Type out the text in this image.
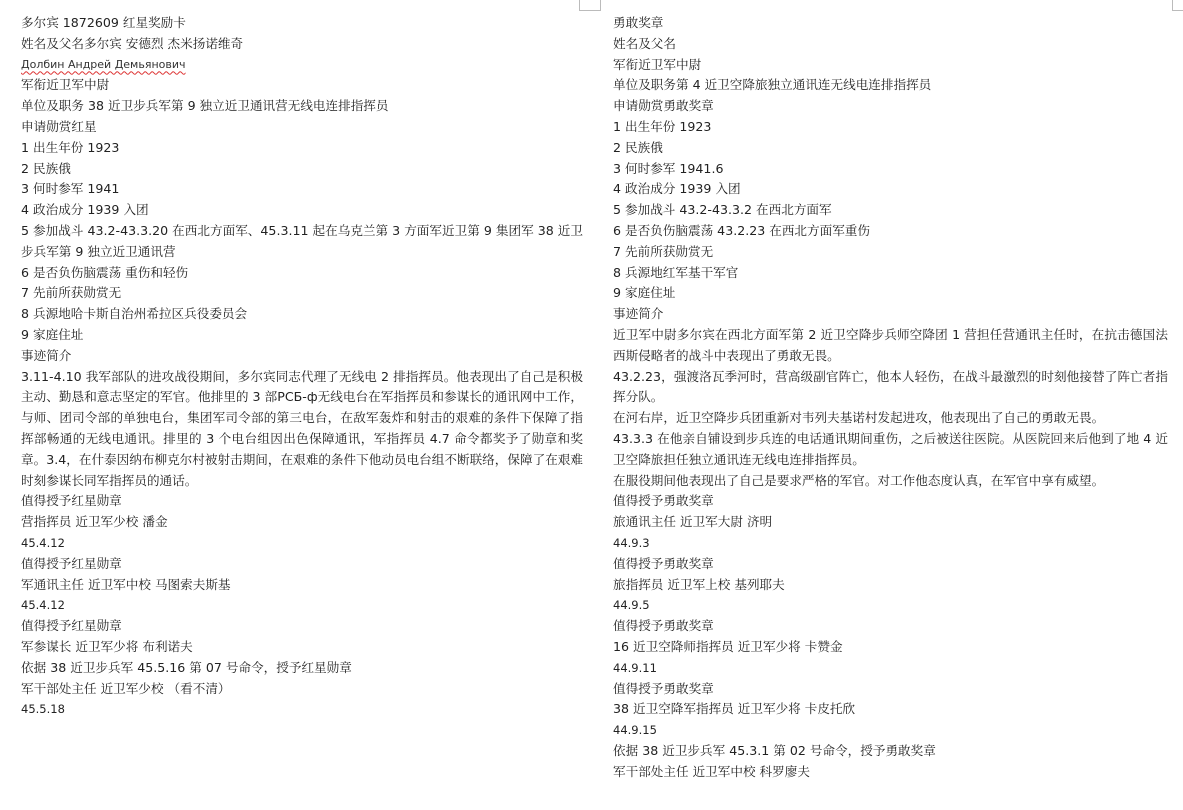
多尔宾 1872609 红星奖励卡
姓名及父名多尔宾 安德烈 杰米扬诺维奇
Долбин Андрей Демьянович
军衔近卫军中尉
单位及职务 38 近卫步兵军第 9 独立近卫通讯营无线电连排指挥员
申请勋赏红星
1 出生年份 1923
2 民族俄
3 何时参军 1941
4 政治成分 1939 入团
5 参加战斗 43.2-43.3.20 在西北方面军、45.3.11 起在乌克兰第 3 方面军近卫第 9 集团军 38 近卫步兵军第 9 独立近卫通讯营
6 是否负伤脑震荡 重伤和轻伤
7 先前所获勋赏无
8 兵源地哈卡斯自治州希拉区兵役委员会
9 家庭住址
事迹简介
3.11-4.10 我军部队的进攻战役期间，多尔宾同志代理了无线电 2 排指挥员。他表现出了自己是积极主动、勤恳和意志坚定的军官。他排里的 3 部PCБ-ф无线电台在军指挥员和参谋长的通讯网中工作，与师、团司令部的单独电台，集团军司令部的第三电台，在敌军轰炸和射击的艰难的条件下保障了指挥部畅通的无线电通讯。排里的 3 个电台组因出色保障通讯，军指挥员 4.7 命令都奖予了勋章和奖章。3.4，在什泰因纳布柳克尔村被射击期间，在艰难的条件下他动员电台组不断联络，保障了在艰难时刻参谋长同军指挥员的通话。
值得授予红星勋章
营指挥员 近卫军少校 潘金
45.4.12
值得授予红星勋章
军通讯主任 近卫军中校 马图索夫斯基
45.4.12
值得授予红星勋章
军参谋长 近卫军少将 布利诺夫
依据 38 近卫步兵军 45.5.16 第 07 号命令，授予红星勋章
军干部处主任 近卫军少校 （看不清）
45.5.18
勇敢奖章
姓名及父名
军衔近卫军中尉
单位及职务第 4 近卫空降旅独立通讯连无线电连排指挥员
申请勋赏勇敢奖章
1 出生年份 1923
2 民族俄
3 何时参军 1941.6
4 政治成分 1939 入团
5 参加战斗 43.2-43.3.2 在西北方面军
6 是否负伤脑震荡 43.2.23 在西北方面军重伤
7 先前所获勋赏无
8 兵源地红军基干军官
9 家庭住址
事迹简介
近卫军中尉多尔宾在西北方面军第 2 近卫空降步兵师空降团 1 营担任营通讯主任时，在抗击德国法西斯侵略者的战斗中表现出了勇敢无畏。
43.2.23，强渡洛瓦季河时，营高级副官阵亡，他本人轻伤，在战斗最激烈的时刻他接替了阵亡者指挥分队。
在河右岸，近卫空降步兵团重新对韦列夫基诺村发起进攻，他表现出了自己的勇敢无畏。
43.3.3 在他亲自铺设到步兵连的电话通讯期间重伤，之后被送往医院。从医院回来后他到了地 4 近卫空降旅担任独立通讯连无线电连排指挥员。
在服役期间他表现出了自己是要求严格的军官。对工作他态度认真，在军官中享有威望。
值得授予勇敢奖章
旅通讯主任 近卫军大尉 济明
44.9.3
值得授予勇敢奖章
旅指挥员 近卫军上校 基列耶夫
44.9.5
值得授予勇敢奖章
16 近卫空降师指挥员 近卫军少将 卡赞金
44.9.11
值得授予勇敢奖章
38 近卫空降军指挥员 近卫军少将 卡皮托欣
44.9.15
依据 38 近卫步兵军 45.3.1 第 02 号命令，授予勇敢奖章
军干部处主任 近卫军中校 科罗廖夫
